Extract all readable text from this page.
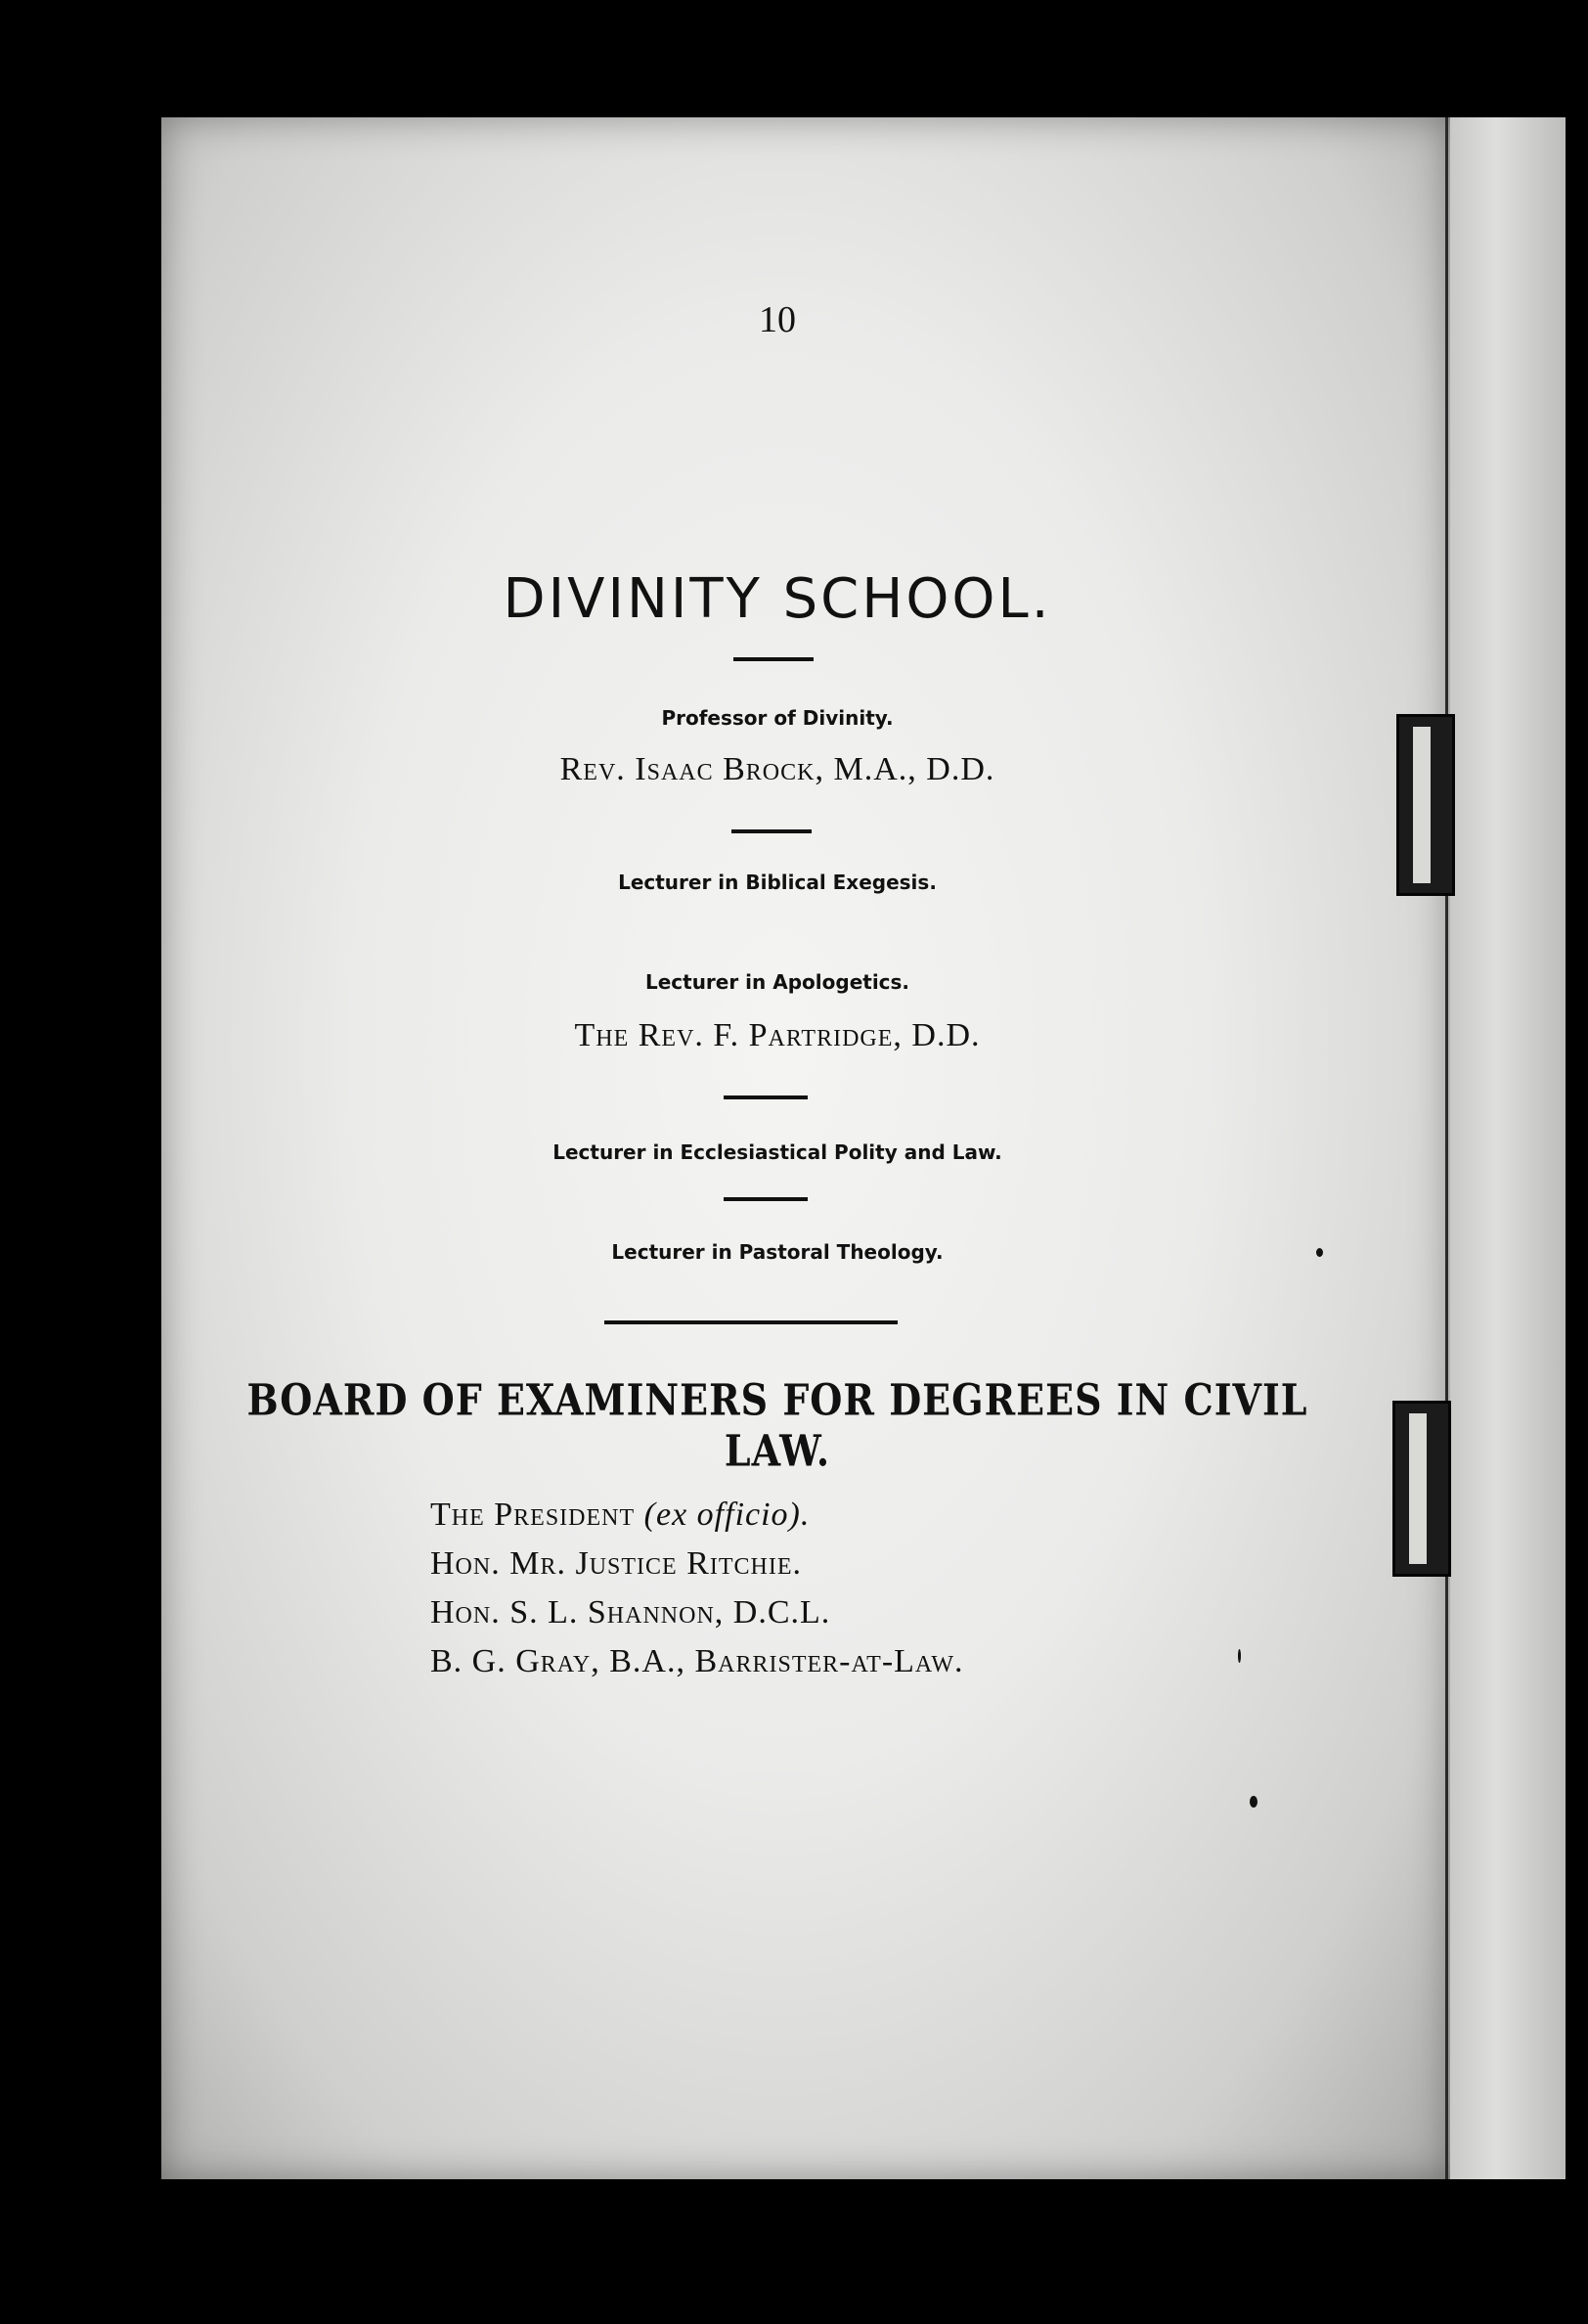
10
DIVINITY SCHOOL.
Professor of Divinity.
Rev. Isaac Brock, M.A., D.D.
Lecturer in Biblical Exegesis.
Lecturer in Apologetics.
The Rev. F. Partridge, D.D.
Lecturer in Ecclesiastical Polity and Law.
Lecturer in Pastoral Theology.
BOARD OF EXAMINERS FOR DEGREES IN CIVIL LAW.
The President (ex officio).
Hon. Mr. Justice Ritchie.
Hon. S. L. Shannon, D.C.L.
B. G. Gray, B.A., Barrister-at-Law.
